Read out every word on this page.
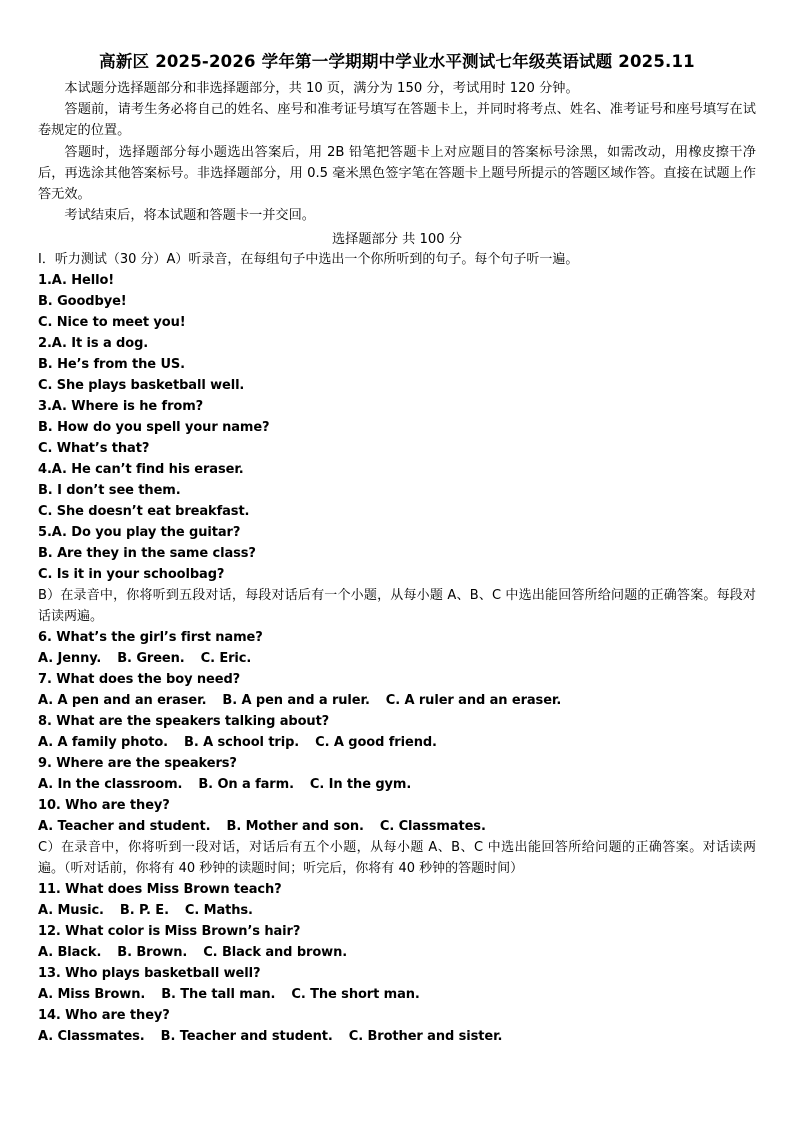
高新区 2025-2026 学年第一学期期中学业水平测试七年级英语试题 2025.11

本试题分选择题部分和非选择题部分，共 10 页，满分为 150 分，考试用时 120 分钟。

答题前，请考生务必将自己的姓名、座号和准考证号填写在答题卡上，并同时将考点、姓名、准考证号和座号填写在试卷规定的位置。

答题时，选择题部分每小题选出答案后，用 2B 铅笔把答题卡上对应题目的答案标号涂黑，如需改动，用橡皮擦干净后，再选涂其他答案标号。非选择题部分，用 0.5 毫米黑色签字笔在答题卡上题号所提示的答题区域作答。直接在试题上作答无效。

考试结束后，将本试题和答题卡一并交回。

选择题部分 共 100 分
Ⅰ．听力测试（30 分）A）听录音，在每组句子中选出一个你所听到的句子。每个句子听一遍。
1.A. Hello!
B. Goodbye!
C. Nice to meet you!
2.A. It is a dog.
B. He’s from the US.
C. She plays basketball well.
3.A. Where is he from?
B. How do you spell your name?
C. What’s that?
4.A. He can’t find his eraser.
B. I don’t see them.
C. She doesn’t eat breakfast.
5.A. Do you play the guitar?
B. Are they in the same class?
C. Is it in your schoolbag?
B）在录音中，你将听到五段对话，每段对话后有一个小题，从每小题 A、B、C 中选出能回答所给问题的正确答案。每段对话读两遍。
6. What’s the girl’s first name?
A. Jenny. B. Green. C. Eric.
7. What does the boy need?
A. A pen and an eraser. B. A pen and a ruler. C. A ruler and an eraser.
8. What are the speakers talking about?
A. A family photo. B. A school trip. C. A good friend.
9. Where are the speakers?
A. In the classroom. B. On a farm. C. In the gym.
10. Who are they?
A. Teacher and student. B. Mother and son. C. Classmates.
C）在录音中，你将听到一段对话，对话后有五个小题，从每小题 A、B、C 中选出能回答所给问题的正确答案。对话读两遍。（听对话前，你将有 40 秒钟的读题时间；听完后，你将有 40 秒钟的答题时间）
11. What does Miss Brown teach?
A. Music. B. P. E. C. Maths.
12. What color is Miss Brown’s hair?
A. Black. B. Brown. C. Black and brown.
13. Who plays basketball well?
A. Miss Brown. B. The tall man. C. The short man.
14. Who are they?
A. Classmates. B. Teacher and student. C. Brother and sister.
